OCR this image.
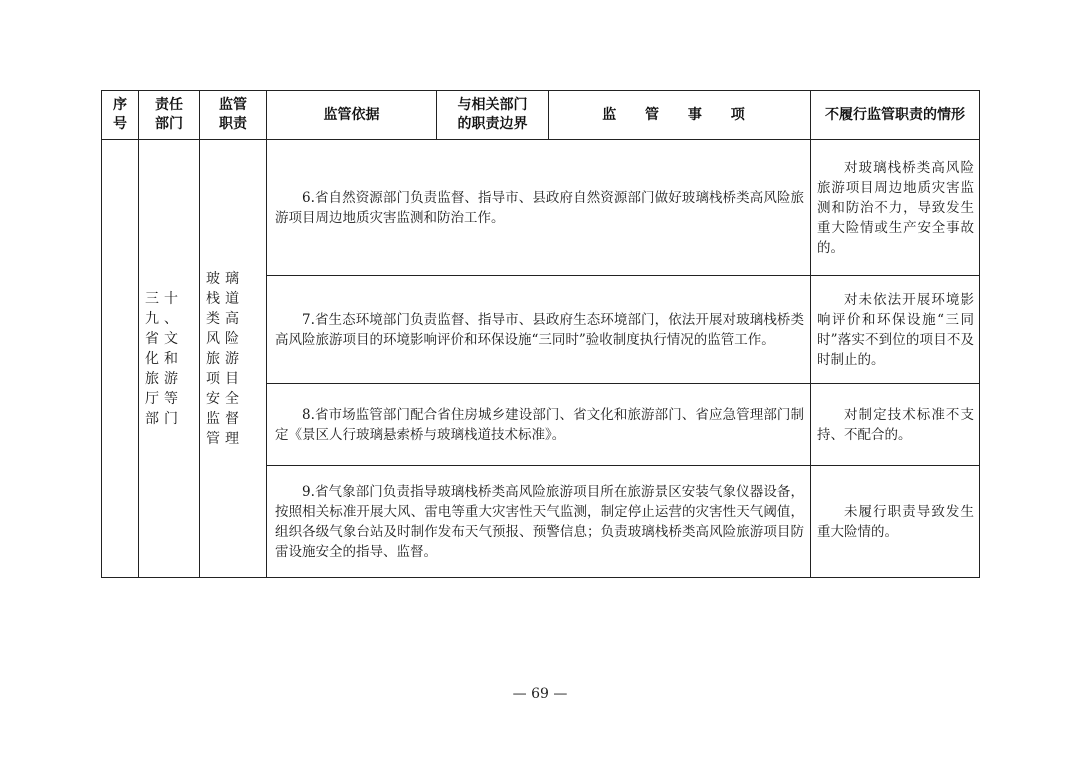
序号	责任部门	监管职责	监管依据	与相关部门的职责边界	监 管 事 项	不履行监管职责的情形

	三十九、省文化和旅游厅等部门	玻璃栈道类高风险旅游项目安全监督管理	6.省自然资源部门负责监督、指导市、县政府自然资源部门做好玻璃栈桥类高风险旅游项目周边地质灾害监测和防治工作。			对玻璃栈桥类高风险旅游项目周边地质灾害监测和防治不力，导致发生重大险情或生产安全事故的。

			7.省生态环境部门负责监督、指导市、县政府生态环境部门，依法开展对玻璃栈桥类高风险旅游项目的环境影响评价和环保设施“三同时”验收制度执行情况的监管工作。			对未依法开展环境影响评价和环保设施“三同时”落实不到位的项目不及时制止的。

			8.省市场监管部门配合省住房城乡建设部门、省文化和旅游部门、省应急管理部门制定《景区人行玻璃悬索桥与玻璃栈道技术标准》。			对制定技术标准不支持、不配合的。

			9.省气象部门负责指导玻璃栈桥类高风险旅游项目所在旅游景区安装气象仪器设备，按照相关标准开展大风、雷电等重大灾害性天气监测，制定停止运营的灾害性天气阈值，组织各级气象台站及时制作发布天气预报、预警信息；负责玻璃栈桥类高风险旅游项目防雷设施安全的指导、监督。			未履行职责导致发生重大险情的。
— 69 —
